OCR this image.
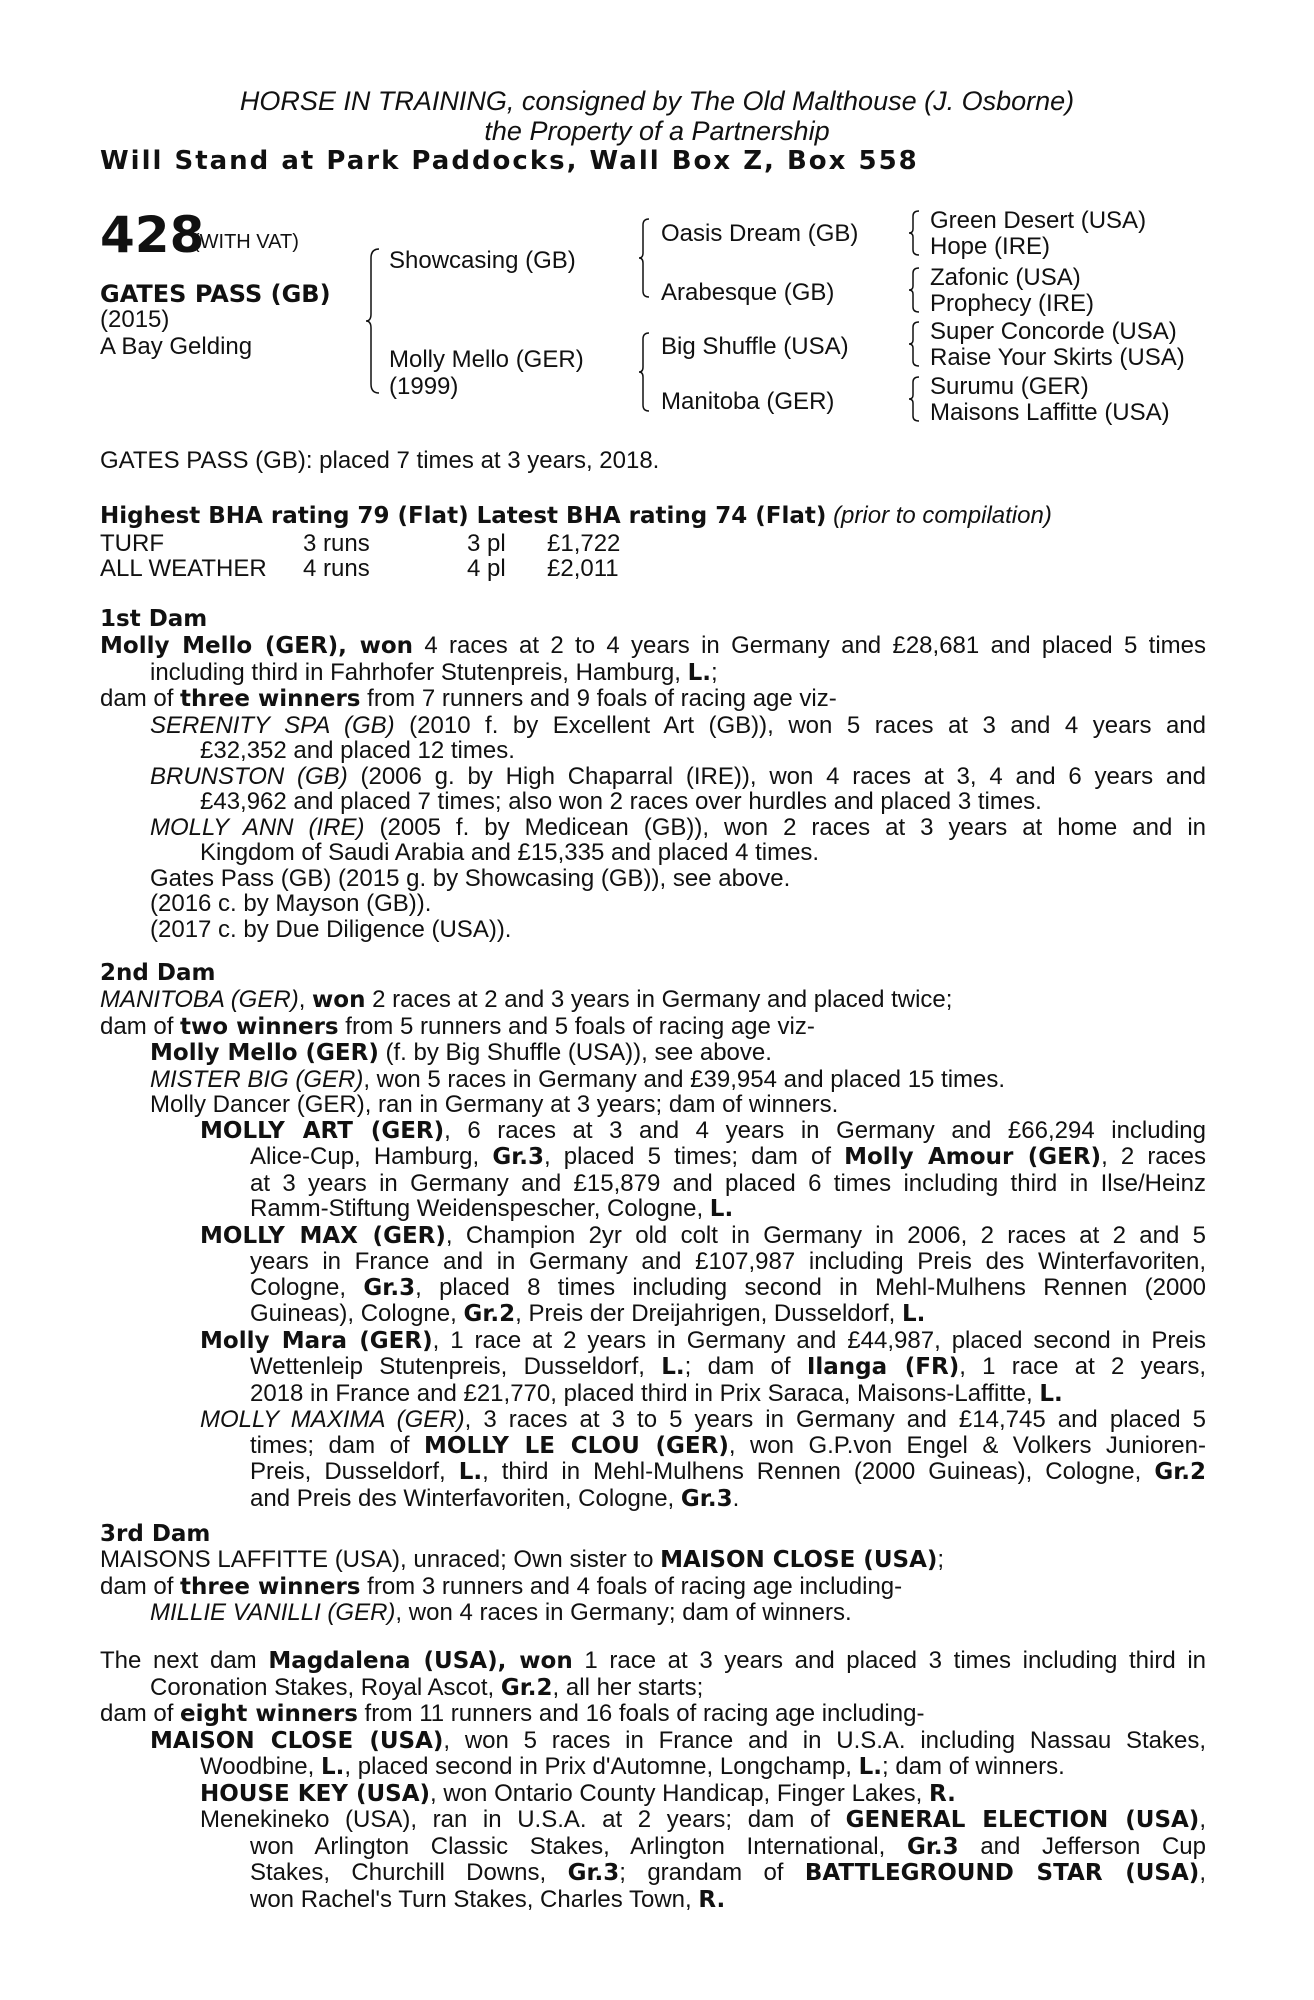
HORSE IN TRAINING, consigned by The Old Malthouse (J. Osborne)
the Property of a Partnership
Will Stand at Park Paddocks, Wall Box Z, Box 558
428
(WITH VAT)
GATES PASS (GB)
(2015)
A Bay Gelding
Showcasing (GB)
Molly Mello (GER)
(1999)
Oasis Dream (GB)
Arabesque (GB)
Big Shuffle (USA)
Manitoba (GER)
Green Desert (USA)
Hope (IRE)
Zafonic (USA)
Prophecy (IRE)
Super Concorde (USA)
Raise Your Skirts (USA)
Surumu (GER)
Maisons Laffitte (USA)
GATES PASS (GB): placed 7 times at 3 years, 2018.
Highest BHA rating 79 (Flat) Latest BHA rating 74 (Flat) (prior to compilation)
TURF	3 runs	3 pl £1,722
ALL WEATHER 4 runs	4 pl £2,011
1st Dam
Molly Mello (GER), won 4 races at 2 to 4 years in Germany and £28,681 and placed 5 times
including third in Fahrhofer Stutenpreis, Hamburg, L.;
dam of three winners from 7 runners and 9 foals of racing age viz-
SERENITY SPA (GB) (2010 f. by Excellent Art (GB)), won 5 races at 3 and 4 years and
£32,352 and placed 12 times.
BRUNSTON (GB) (2006 g. by High Chaparral (IRE)), won 4 races at 3, 4 and 6 years and
£43,962 and placed 7 times; also won 2 races over hurdles and placed 3 times.
MOLLY ANN (IRE) (2005 f. by Medicean (GB)), won 2 races at 3 years at home and in
Kingdom of Saudi Arabia and £15,335 and placed 4 times.
Gates Pass (GB) (2015 g. by Showcasing (GB)), see above.
(2016 c. by Mayson (GB)).
(2017 c. by Due Diligence (USA)).
2nd Dam
MANITOBA (GER), won 2 races at 2 and 3 years in Germany and placed twice;
dam of two winners from 5 runners and 5 foals of racing age viz-
Molly Mello (GER) (f. by Big Shuffle (USA)), see above.
MISTER BIG (GER), won 5 races in Germany and £39,954 and placed 15 times.
Molly Dancer (GER), ran in Germany at 3 years; dam of winners.
MOLLY ART (GER), 6 races at 3 and 4 years in Germany and £66,294 including
Alice-Cup, Hamburg, Gr.3, placed 5 times; dam of Molly Amour (GER), 2 races
at 3 years in Germany and £15,879 and placed 6 times including third in Ilse/Heinz
Ramm-Stiftung Weidenspescher, Cologne, L.
MOLLY MAX (GER), Champion 2yr old colt in Germany in 2006, 2 races at 2 and 5
years in France and in Germany and £107,987 including Preis des Winterfavoriten,
Cologne, Gr.3, placed 8 times including second in Mehl-Mulhens Rennen (2000
Guineas), Cologne, Gr.2, Preis der Dreijahrigen, Dusseldorf, L.
Molly Mara (GER), 1 race at 2 years in Germany and £44,987, placed second in Preis
Wettenleip Stutenpreis, Dusseldorf, L.; dam of Ilanga (FR), 1 race at 2 years,
2018 in France and £21,770, placed third in Prix Saraca, Maisons-Laffitte, L.
MOLLY MAXIMA (GER), 3 races at 3 to 5 years in Germany and £14,745 and placed 5
times; dam of MOLLY LE CLOU (GER), won G.P.von Engel & Volkers Junioren-
Preis, Dusseldorf, L., third in Mehl-Mulhens Rennen (2000 Guineas), Cologne, Gr.2
and Preis des Winterfavoriten, Cologne, Gr.3.
3rd Dam
MAISONS LAFFITTE (USA), unraced; Own sister to MAISON CLOSE (USA);
dam of three winners from 3 runners and 4 foals of racing age including-
MILLIE VANILLI (GER), won 4 races in Germany; dam of winners.
The next dam Magdalena (USA), won 1 race at 3 years and placed 3 times including third in
Coronation Stakes, Royal Ascot, Gr.2, all her starts;
dam of eight winners from 11 runners and 16 foals of racing age including-
MAISON CLOSE (USA), won 5 races in France and in U.S.A. including Nassau Stakes,
Woodbine, L., placed second in Prix d'Automne, Longchamp, L.; dam of winners.
HOUSE KEY (USA), won Ontario County Handicap, Finger Lakes, R.
Menekineko (USA), ran in U.S.A. at 2 years; dam of GENERAL ELECTION (USA),
won Arlington Classic Stakes, Arlington International, Gr.3 and Jefferson Cup
Stakes, Churchill Downs, Gr.3; grandam of BATTLEGROUND STAR (USA),
won Rachel's Turn Stakes, Charles Town, R.
